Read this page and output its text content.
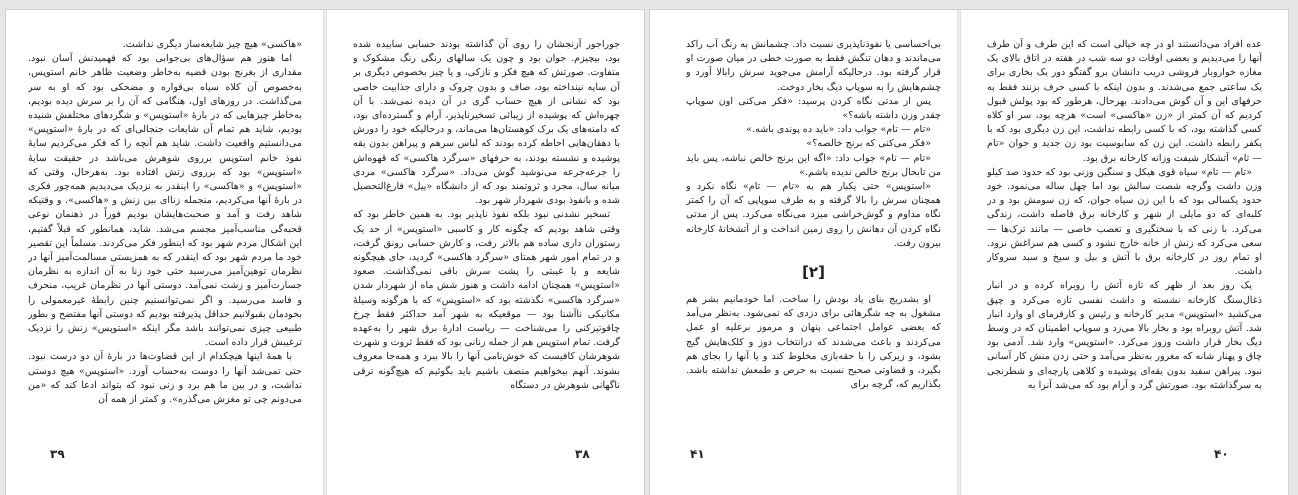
«هاکسی» هیچ چیز شایعه‌ساز دیگری نداشت.

اما هنوز هم سؤال‌های بی‌جوابی بود که فهمیدنش آسان نبود. مقداری از بغرنج بودن قضیه به‌خاطر وضعیت ظاهر خانم استوپس، به‌خصوص آن کلاه سیاه بی‌قواره و مضحکی بود که او به سر می‌گذاشت. در روزهای اول، هنگامی که آن را بر سرش دیده بودیم، به‌خاطر چیزهایی که در بارهٔ «استوپس» و شگردهای مختلفش شنیده بودیم، شاید هم تمام آن شایعات جنجالی‌ای که در بارهٔ «استوپس» می‌دانستیم واقعیت داشت. شاید هم آنچه را که فکر می‌کردیم سایهٔ نفوذ خانم استوپس برروی شوهرش می‌باشد در حقیقت سایهٔ «استوپس» بود که برروی زنش افتاده بود. به‌هرحال، وقتی که «استوپس» و «هاکسی» را اینقدر به نزدیک می‌دیدیم همه‌چور فکری در بارهٔ آنها می‌کردیم، منجمله زناای بین زنش و «هاکسی». و وقتیکه شاهد رفت و آمد و صحبت‌هایشان بودیم فوراً در ذهنمان نوعی قحبه‌گی مناسب‌آمیز مجسم می‌شد. شاید، همانطور که قبلاً گفتیم، این اشکال مردم شهر بود که اینطور فکر می‌کردند. مسلماً این تقصیر خود ما مردم شهر بود که اینقدر که به همزیستی مسالمت‌آمیز آنها در نظرمان توهین‌آمیز می‌رسید حتی خود زنا به آن اندازه به نظرمان جسارت‌آمیز و زشت نمی‌آمد. دوستی آنها در نظرمان غریب، منحرف و فاسد می‌رسید. و اگر نمی‌توانستیم چنین رابطهٔ غیرمعمولی را بخودمان بقبولانیم حداقل پذیرفته بودیم که دوستی آنها مفتضح و بطور طبیعی چیزی نمی‌توانند باشد مگر اینکه «استوپس» زنش را نزدیک ترغیبش قرار داده است.

با همهٔ اینها هیچکدام از این قضاوت‌ها در بارهٔ آن دو درست نبود. حتی تمی‌شد آنها را دوست به‌حساب آورد. «استوپس» هیچ دوستی نداشت، و در بین ما هم برد و زنی نبود که بتواند ادعا کند که «من می‌دونم چی تو مغزش می‌گذره». و کمتر از همه آن

۳۹

جوراجور آزنجشان را روی آن گذاشته بودند حسابی سابیده شده بود، بیچیزم. جوان بود و چون یک سالهای رنگی رنگ مشکوک و متفاوت. صورتش که هیچ فکر و نازکی، و یا چیز بخصوص دیگری بر آن سایه نینداخته بود، صاف و بدون چروک و دارای جذابیت خاصی بود که نشانی از هیچ حساب گری در آن دیده نمی‌شد. با آن چهره‌اش که پوشیده از زیبائی تسخیرناپذیر، آرام و گسترده‌ای بود، که دامنه‌های یک برک کوهستان‌ها می‌ماند، و درحالیکه خود را دورش با دهقان‌هایی احاطه کرده بودند که لباس سرهم و پیراهن بدون یقه پوشیده و نشسته بودند، به حرفهای «سرگرد هاکسی» که قهوه‌اش را جرعه‌جرعه می‌نوشید گوش می‌داد. «سرگرد هاکسی» مردی میانه سال، مجرد و ثروتمند بود که از دانشگاه «ییل» فارغ‌التحصیل شده و بانفوذ بودی شهردار شهر بود.

تسخیر نشدنی نبود بلکه نفوذ ناپذیر بود. به همین خاطر بود که وقتی شاهد بودیم که چگونه کار و کاسبی «استوپس» از حد یک رستوران داری ساده هم بالاتر رفت، و کارش حسابی رونق گرفت، و در تمام امور شهر همتای «سرگرد هاکسی» گردید، جای هیچگونه شایعه و یا غیبتی را پشت سرش باقی نمی‌گذاشت. صعود «استوپس» همچنان ادامه داشت و هنوز شش ماه از شهردار شدن «سرگرد هاکسی» نگذشته بود که «استوپس» که با هرگونه وسیلهٔ مکانیکی ناآشنا بود — موقعیکه به شهر آمد حداکثر فقط چرخ چاقوتیزکنی را می‌شناخت — ریاست ادارهٔ برق شهر را به‌عهده گرفت. تمام استوپس هم از جمله زنانی بود که فقط ثروت و شهرت شوهرشان کافیست که خوش‌نامی آنها را بالا ببرد و همه‌جا معروف بشوند. آنهم بیخواهیم منصف باشیم باید بگوئیم که هیچ‌گونه ترقی ناگهانی شوهرش در دستگاه

۳۸

بی‌احساسی یا نفوذناپذیری نسبت داد. چشمانش به رنگ آب راکد می‌ماندند و دهان تنگش فقط به صورت خطی در میان صورت او قرار گرفته بود. درحالیکه آرامش می‌جوید سرش رابالا آورد و چشم‌هایش را به سوپاپ دیگ بخار دوخت.

پس از مدتی نگاه کردن پرسید: «فکر می‌کنی اون سوپاپ چقدر وزن داشته باشه؟»

«تام — تام» جواب داد: «باید ده پوندی باشه.»

«فکر می‌کنی که برنج خالصه؟»

«تام — تام» جواب داد: «اگه این برنج خالص نباشه، پس باید من تابحال برنج خالص ندیده باشم.»

«استوپس» حتی یکبار هم به «تام — تام» نگاه نکرد و همچنان سرش را بالا گرفته و به طرف سوپاپی که آن را کمتر نگاه مداوم و گوش‌خراشی میزد می‌نگاه می‌کرد. پس از مدتی نگاه کردن آن دهانش را روی زمین انداخت و از آتشخانهٔ کارخانه بیرون رفت.

[۲]

او بشدریج بنای یاد بودش را ساخت. اما خودمانیم بشر هم مشغول به چه شگرهائی برای دزدی که نمی‌شود. به‌نظر می‌آمد که بعضی عوامل اجتماعی پنهان و مرموز برعلیه او عمل می‌کردند و باعث می‌شدند که درانتخاب دوز و کلک‌هایش گیج بشود، و زیرکی را با حقه‌بازی مخلوط کند و یا آنها را بجای هم بگیرد، و قضاوتی صحیح نسبت به حرص و طمعش نداشته باشد. بگذاریم که، گرچه برای

۴۱

عده افراد می‌دانستند او در چه خیالی است که این طرف و آن طرف آنها را می‌دیدیم و بعضی اوقات دو سه شب در هفته در اتاق بالای یک مغازه خواروبار فروشی دریب دانشان برو گفتگو دور یک بخاری برای یک ساعتی جمع می‌شدند. و بدون اینکه با کسی حرف بزنند فقط به حرفهای این و آن گوش می‌دادند. بهرحال، هرطور که بود پولش قبول کردیم که آن کمتر از «زن «هاکسی» است» هرچه بود، سر او کلاه کسی گذاشته بود، که با کسی رابطه نداشت، این زن دیگری بود که با یکفر رابطه داشت. این زن که سابوسیت بود زن جدید و جوان «تام — تام» آتشکار شیفت وزانه کارخانه برق بود.

«تام — تام» سیاه قوی هیکل و سنگین وزنی بود که حدود صد کیلو وزن داشت وگرچه شصت سالش بود اما چهل ساله می‌نمود. خود حدود یکسالی بود که با این زن سیاه جوان، که زن سومش بود و در کلبه‌ای که دو مایلی از شهر و کارخانه برق فاصله داشت، زندگی می‌کرد. با زنی که با سختگیری و تعصب خاصی — مانند ترک‌ها — سعی می‌کرد که زنش از خانه خارج نشود و کسی هم سراغش نرود. او تمام روز در کارخانه برق با آتش و بیل و سیخ و سبد سروکار داشت.

یک روز بعد از ظهر که تازه آتش را روبراه کرده و در انبار ذغال‌سنگ کارخانه نشسته و داشت نفسی تازه می‌کرد و چپق می‌کشید «استوپس» مدیر کارخانه و رئیس و کارفرمای او وارد انبار شد. آتش روبراه بود و بخار بالا می‌زد و سوپاپ اطمینان که در وسط دیگ بخار قرار داشت وزوز می‌کرد. «استوپس» وارد شد. آدمی بود چاق و پهنار شانه که مغرور به‌نظر می‌آمد و حتی زدن منش کار آسانی نبود. پیراهن سفید بدون یقه‌ای پوشیده و کلاهی پارچه‌ای و شطرنجی به سرگذاشته بود. صورتش گرد و آرام بود که می‌شد آنرا به

۴۰
